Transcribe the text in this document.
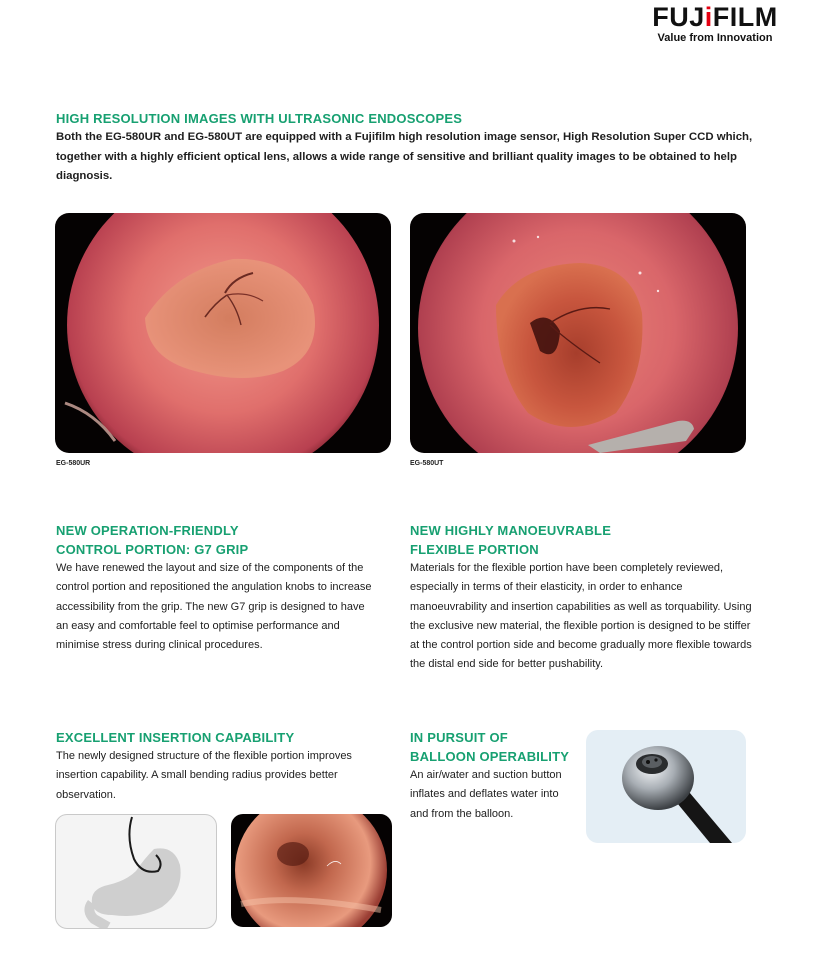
FUJiFILM
Value from Innovation
HIGH RESOLUTION IMAGES WITH ULTRASONIC ENDOSCOPES
Both the EG-580UR and EG-580UT are equipped with a Fujifilm high resolution image sensor, High Resolution Super CCD which, together with a highly efficient optical lens, allows a wide range of sensitive and brilliant quality images to be obtained to help diagnosis.
EG-580UR	EG-580UT
NEW OPERATION-FRIENDLY
CONTROL PORTION: G7 GRIP
We have renewed the layout and size of the components of the control portion and repositioned the angulation knobs to increase accessibility from the grip. The new G7 grip is designed to have an easy and comfortable feel to optimise performance and minimise stress during clinical procedures.
NEW HIGHLY MANOEUVRABLE
FLEXIBLE PORTION
Materials for the flexible portion have been completely reviewed, especially in terms of their elasticity, in order to enhance manoeuvrability and insertion capabilities as well as torquability. Using the exclusive new material, the flexible portion is designed to be stiffer at the control portion side and become gradually more flexible towards the distal end side for better pushability.
EXCELLENT INSERTION CAPABILITY
The newly designed structure of the flexible portion improves insertion capability. A small bending radius provides better observation.
IN PURSUIT OF
BALLOON OPERABILITY
An air/water and suction button inflates and deflates water into and from the balloon.
